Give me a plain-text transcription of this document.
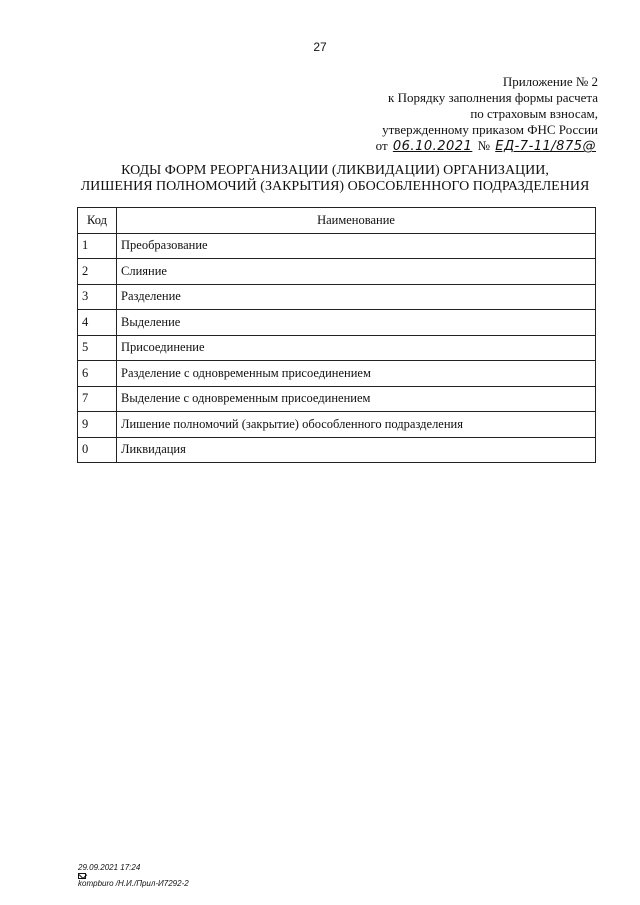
27
Приложение № 2
к Порядку заполнения формы расчета
по страховым взносам,
утвержденному приказом ФНС России
от 06.10.2021 № ЕД-7-11/875@
КОДЫ ФОРМ РЕОРГАНИЗАЦИИ (ЛИКВИДАЦИИ) ОРГАНИЗАЦИИ,
ЛИШЕНИЯ ПОЛНОМОЧИЙ (ЗАКРЫТИЯ) ОБОСОБЛЕННОГО ПОДРАЗДЕЛЕНИЯ
Код	Наименование
1	Преобразование
2	Слияние
3	Разделение
4	Выделение
5	Присоединение
6	Разделение с одновременным присоединением
7	Выделение с одновременным присоединением
9	Лишение полномочий (закрытие) обособленного подразделения
0	Ликвидация
29.09.2021 17:24
kompburo /Н.И./Прил-И7292-2
